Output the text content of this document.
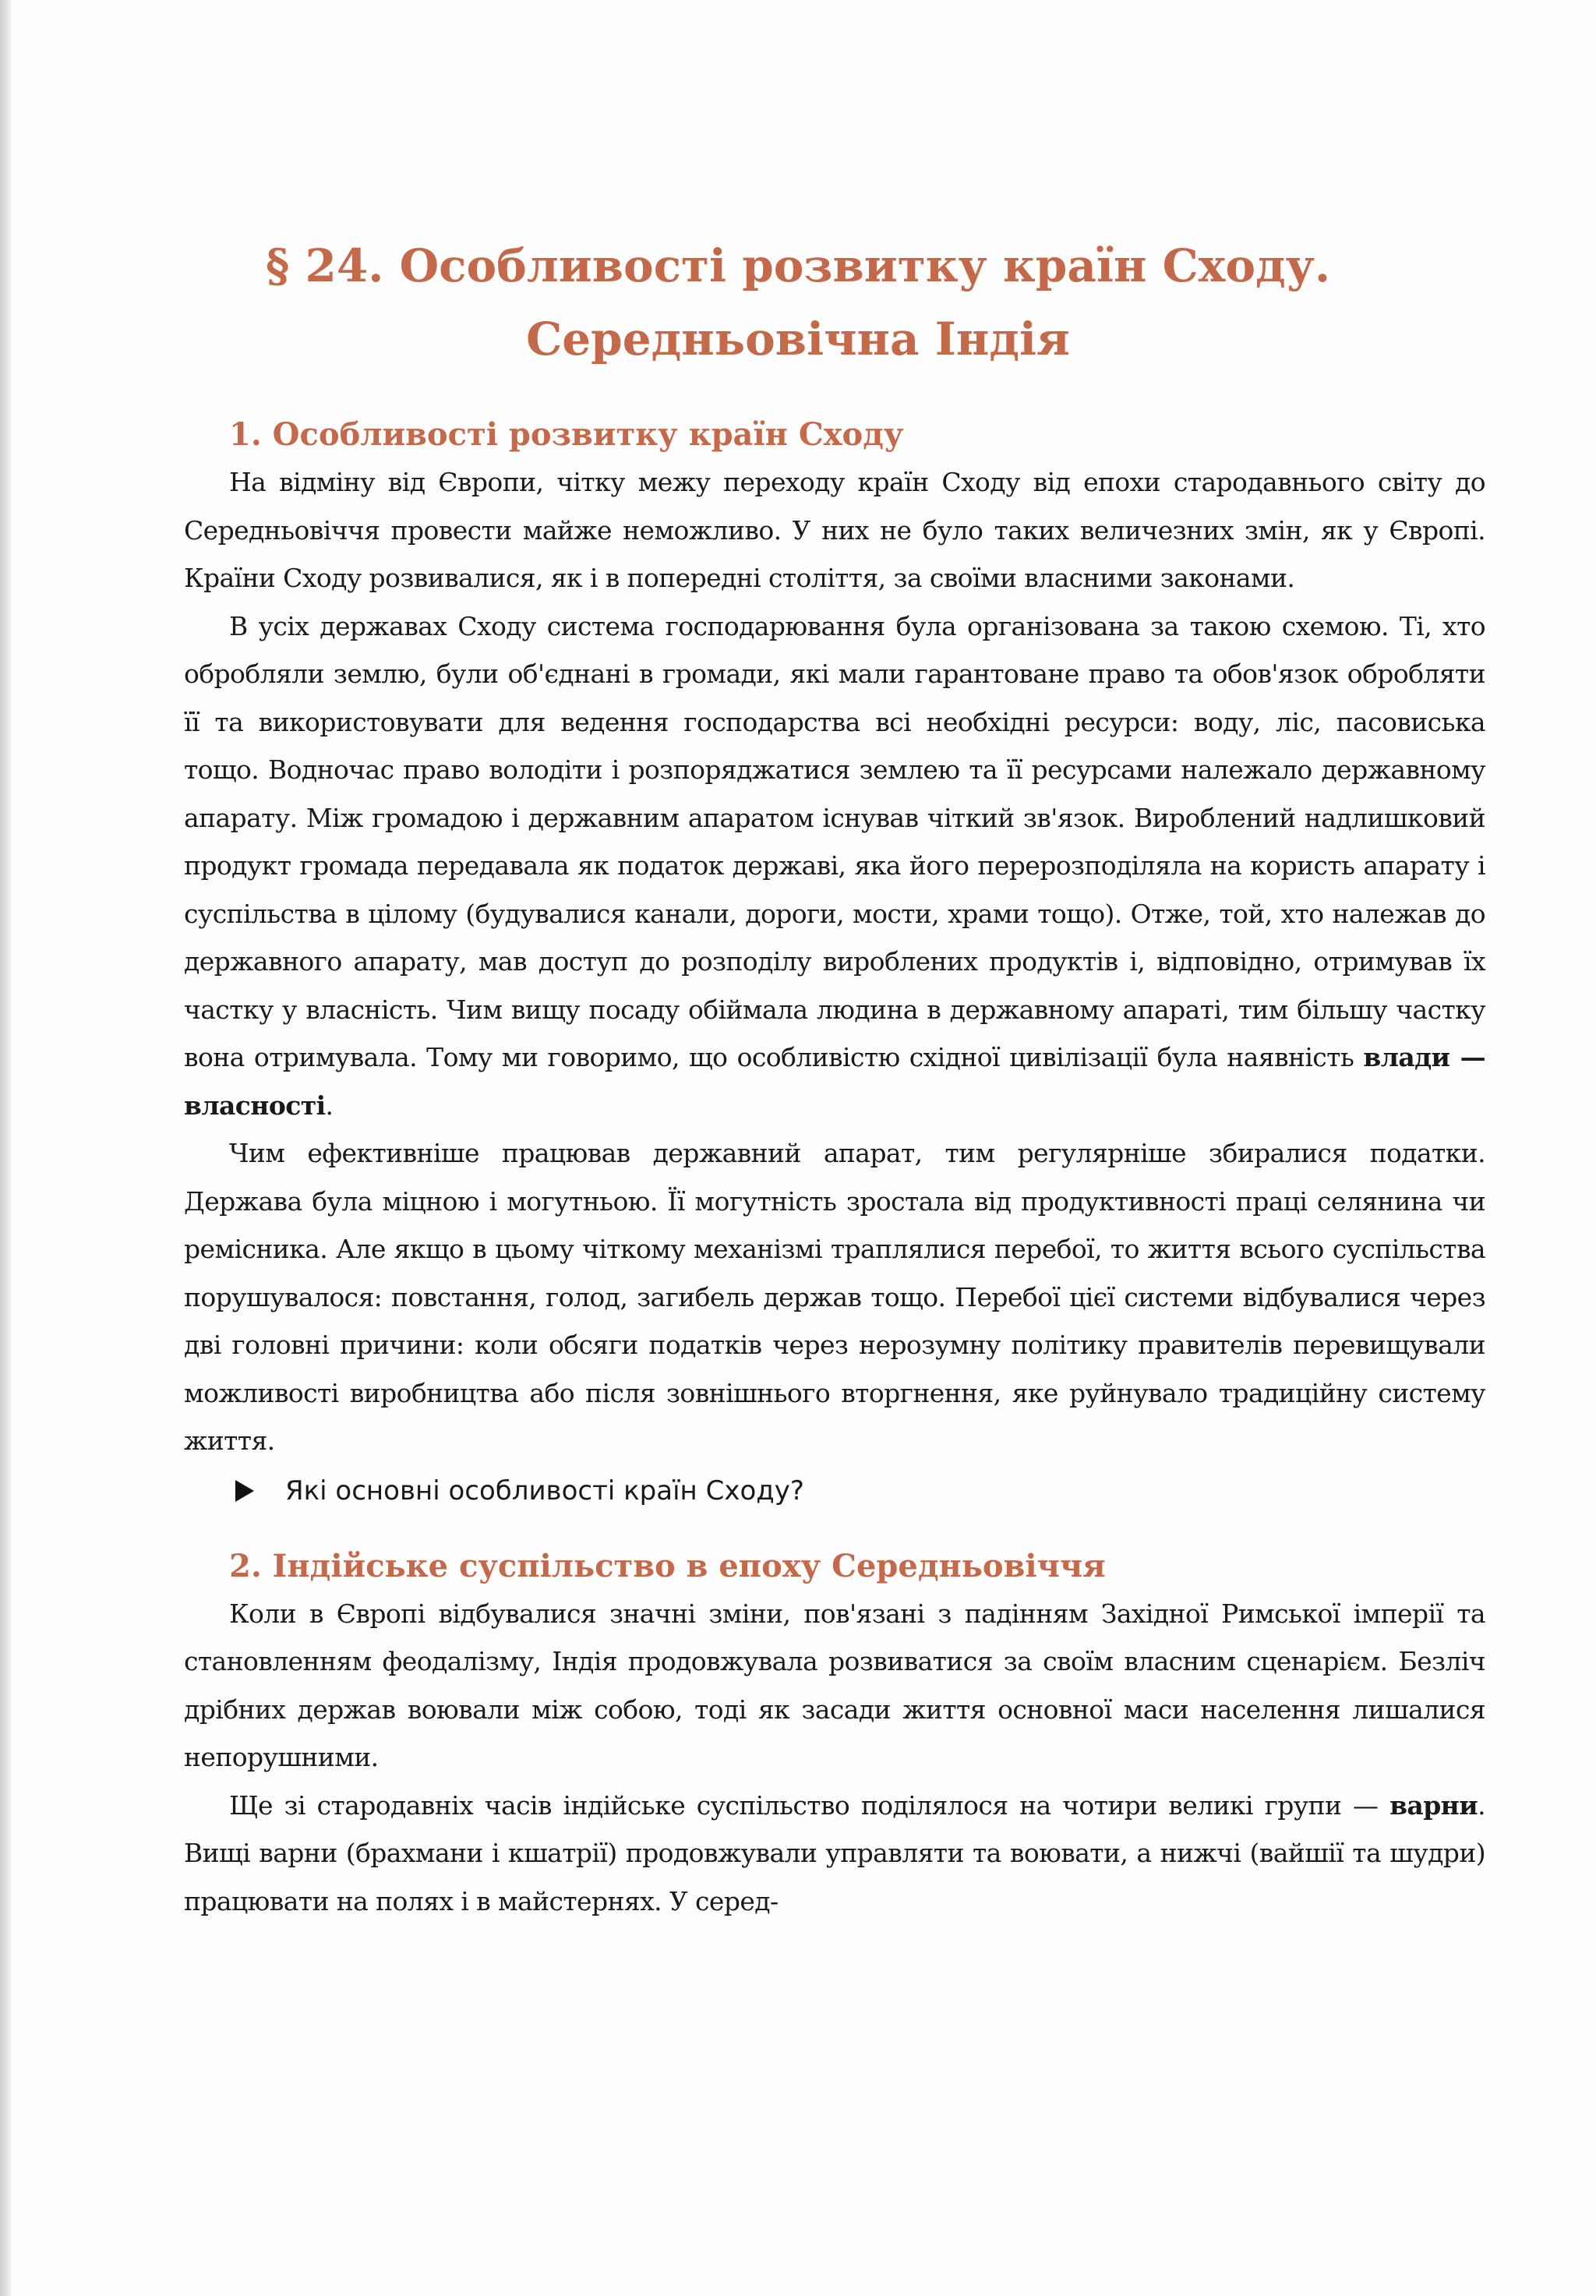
§ 24. Особливості розвитку країн Сходу.
Середньовічна Індія
1. Особливості розвитку країн Сходу

На відміну від Європи, чітку межу переходу країн Сходу від епохи стародавнього світу до Середньовіччя провести майже неможливо. У них не було таких величезних змін, як у Європі. Країни Сходу розвивалися, як і в попередні століття, за своїми власними законами.

В усіх державах Сходу система господарювання була організована за такою схемою. Ті, хто обробляли землю, були об'єднані в громади, які мали гарантоване право та обов'язок обробляти її та використовувати для ведення господарства всі необхідні ресурси: воду, ліс, пасовиська тощо. Водночас право володіти і розпоряджатися землею та її ресурсами належало державному апарату. Між громадою і державним апаратом існував чіткий зв'язок. Вироблений надлишковий продукт громада передавала як податок державі, яка його перерозподіляла на користь апарату і суспільства в цілому (будувалися канали, дороги, мости, храми тощо). Отже, той, хто належав до державного апарату, мав доступ до розподілу вироблених продуктів і, відповідно, отримував їх частку у власність. Чим вищу посаду обіймала людина в державному апараті, тим більшу частку вона отримувала. Тому ми говоримо, що особливістю східної цивілізації була наявність влади — власності.

Чим ефективніше працював державний апарат, тим регулярніше збиралися податки. Держава була міцною і могутньою. Її могутність зростала від продуктивності праці селянина чи ремісника. Але якщо в цьому чіткому механізмі траплялися перебої, то життя всього суспільства порушувалося: повстання, голод, загибель держав тощо. Перебої цієї системи відбувалися через дві головні причини: коли обсяги податків через нерозумну політику правителів перевищували можливості виробництва або після зовнішнього вторгнення, яке руйнувало традиційну систему життя.

Які основні особливості країн Сходу?
2. Індійське суспільство в епоху Середньовіччя

Коли в Європі відбувалися значні зміни, пов'язані з падінням Західної Римської імперії та становленням феодалізму, Індія продовжувала розвиватися за своїм власним сценарієм. Безліч дрібних держав воювали між собою, тоді як засади життя основної маси населення лишалися непорушними.

Ще зі стародавніх часів індійське суспільство поділялося на чотири великі групи — варни. Вищі варни (брахмани і кшатрії) продовжували управляти та воювати, а нижчі (вайшії та шудри) працювати на полях і в майстернях. У серед-
